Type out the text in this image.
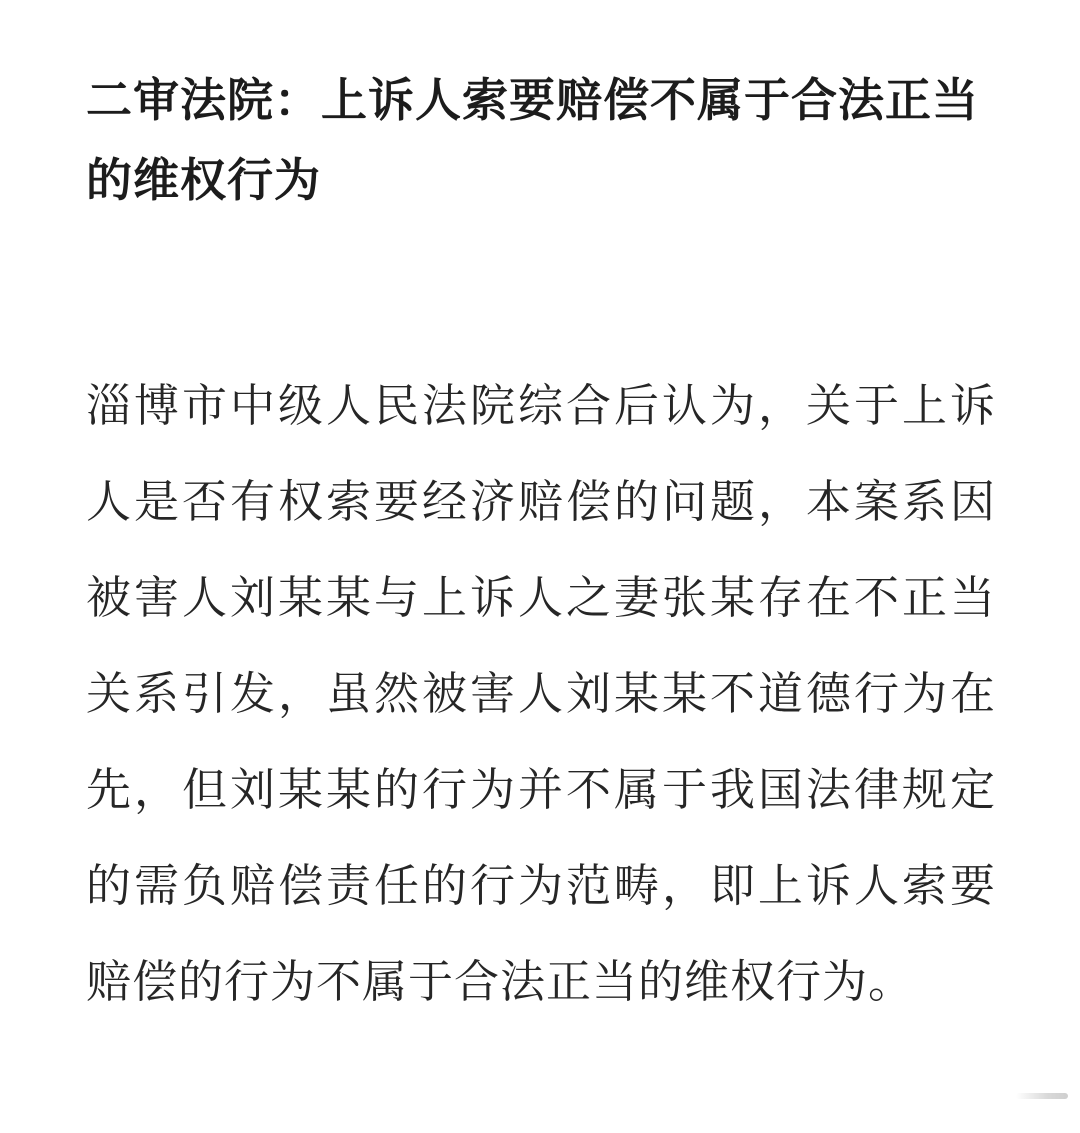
二审法院：上诉人索要赔偿不属于合法正当的维权行为

淄博市中级人民法院综合后认为，关于上诉人是否有权索要经济赔偿的问题，本案系因被害人刘某某与上诉人之妻张某存在不正当关系引发，虽然被害人刘某某不道德行为在先，但刘某某的行为并不属于我国法律规定的需负赔偿责任的行为范畴，即上诉人索要赔偿的行为不属于合法正当的维权行为。
